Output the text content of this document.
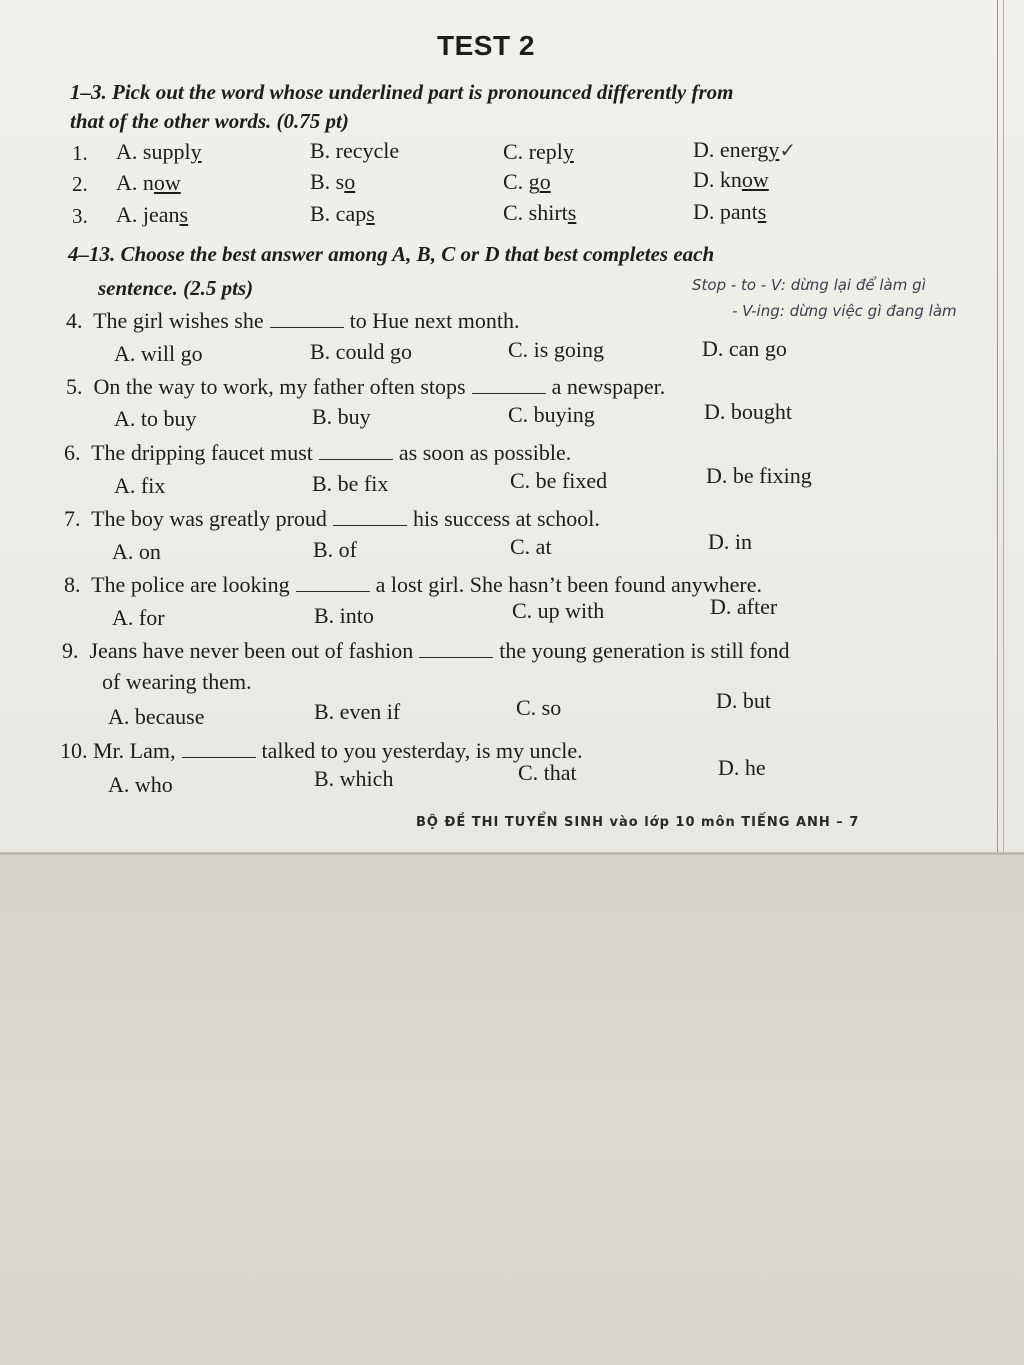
TEST 2
1–3. Pick out the word whose underlined part is pronounced differently from
that of the other words. (0.75 pt)
1. A. supply	B. recycle	C. reply	D. energy✓
2. A. now	B. so	C. go	D. know
3. A. jeans	B. caps	C. shirts	D. pants
4–13. Choose the best answer among A, B, C or D that best completes each
sentence. (2.5 pts)	Stop - to - V: dừng lại để làm gì
- V-ing: dừng việc gì đang làm
4. The girl wishes she	to Hue next month.
A. will go	B. could go	C. is going	D. can go
5. On the way to work, my father often stops	a newspaper.
A. to buy	B. buy	C. buying	D. bought
6. The dripping faucet must	as soon as possible.
A. fix	B. be fix	C. be fixed	D. be fixing
7. The boy was greatly proud	his success at school.
A. on	B. of	C. at	D. in
8. The police are looking	a lost girl. She hasn’t been found anywhere.
A. for	B. into	C. up with	D. after
9. Jeans have never been out of fashion	the young generation is still fond
of wearing them.
A. because	B. even if	C. so	D. but
10. Mr. Lam,	talked to you yesterday, is my uncle.
A. who	B. which	C. that	D. he
BỘ ĐỀ THI TUYỂN SINH vào lớp 10 môn TIẾNG ANH – 7
